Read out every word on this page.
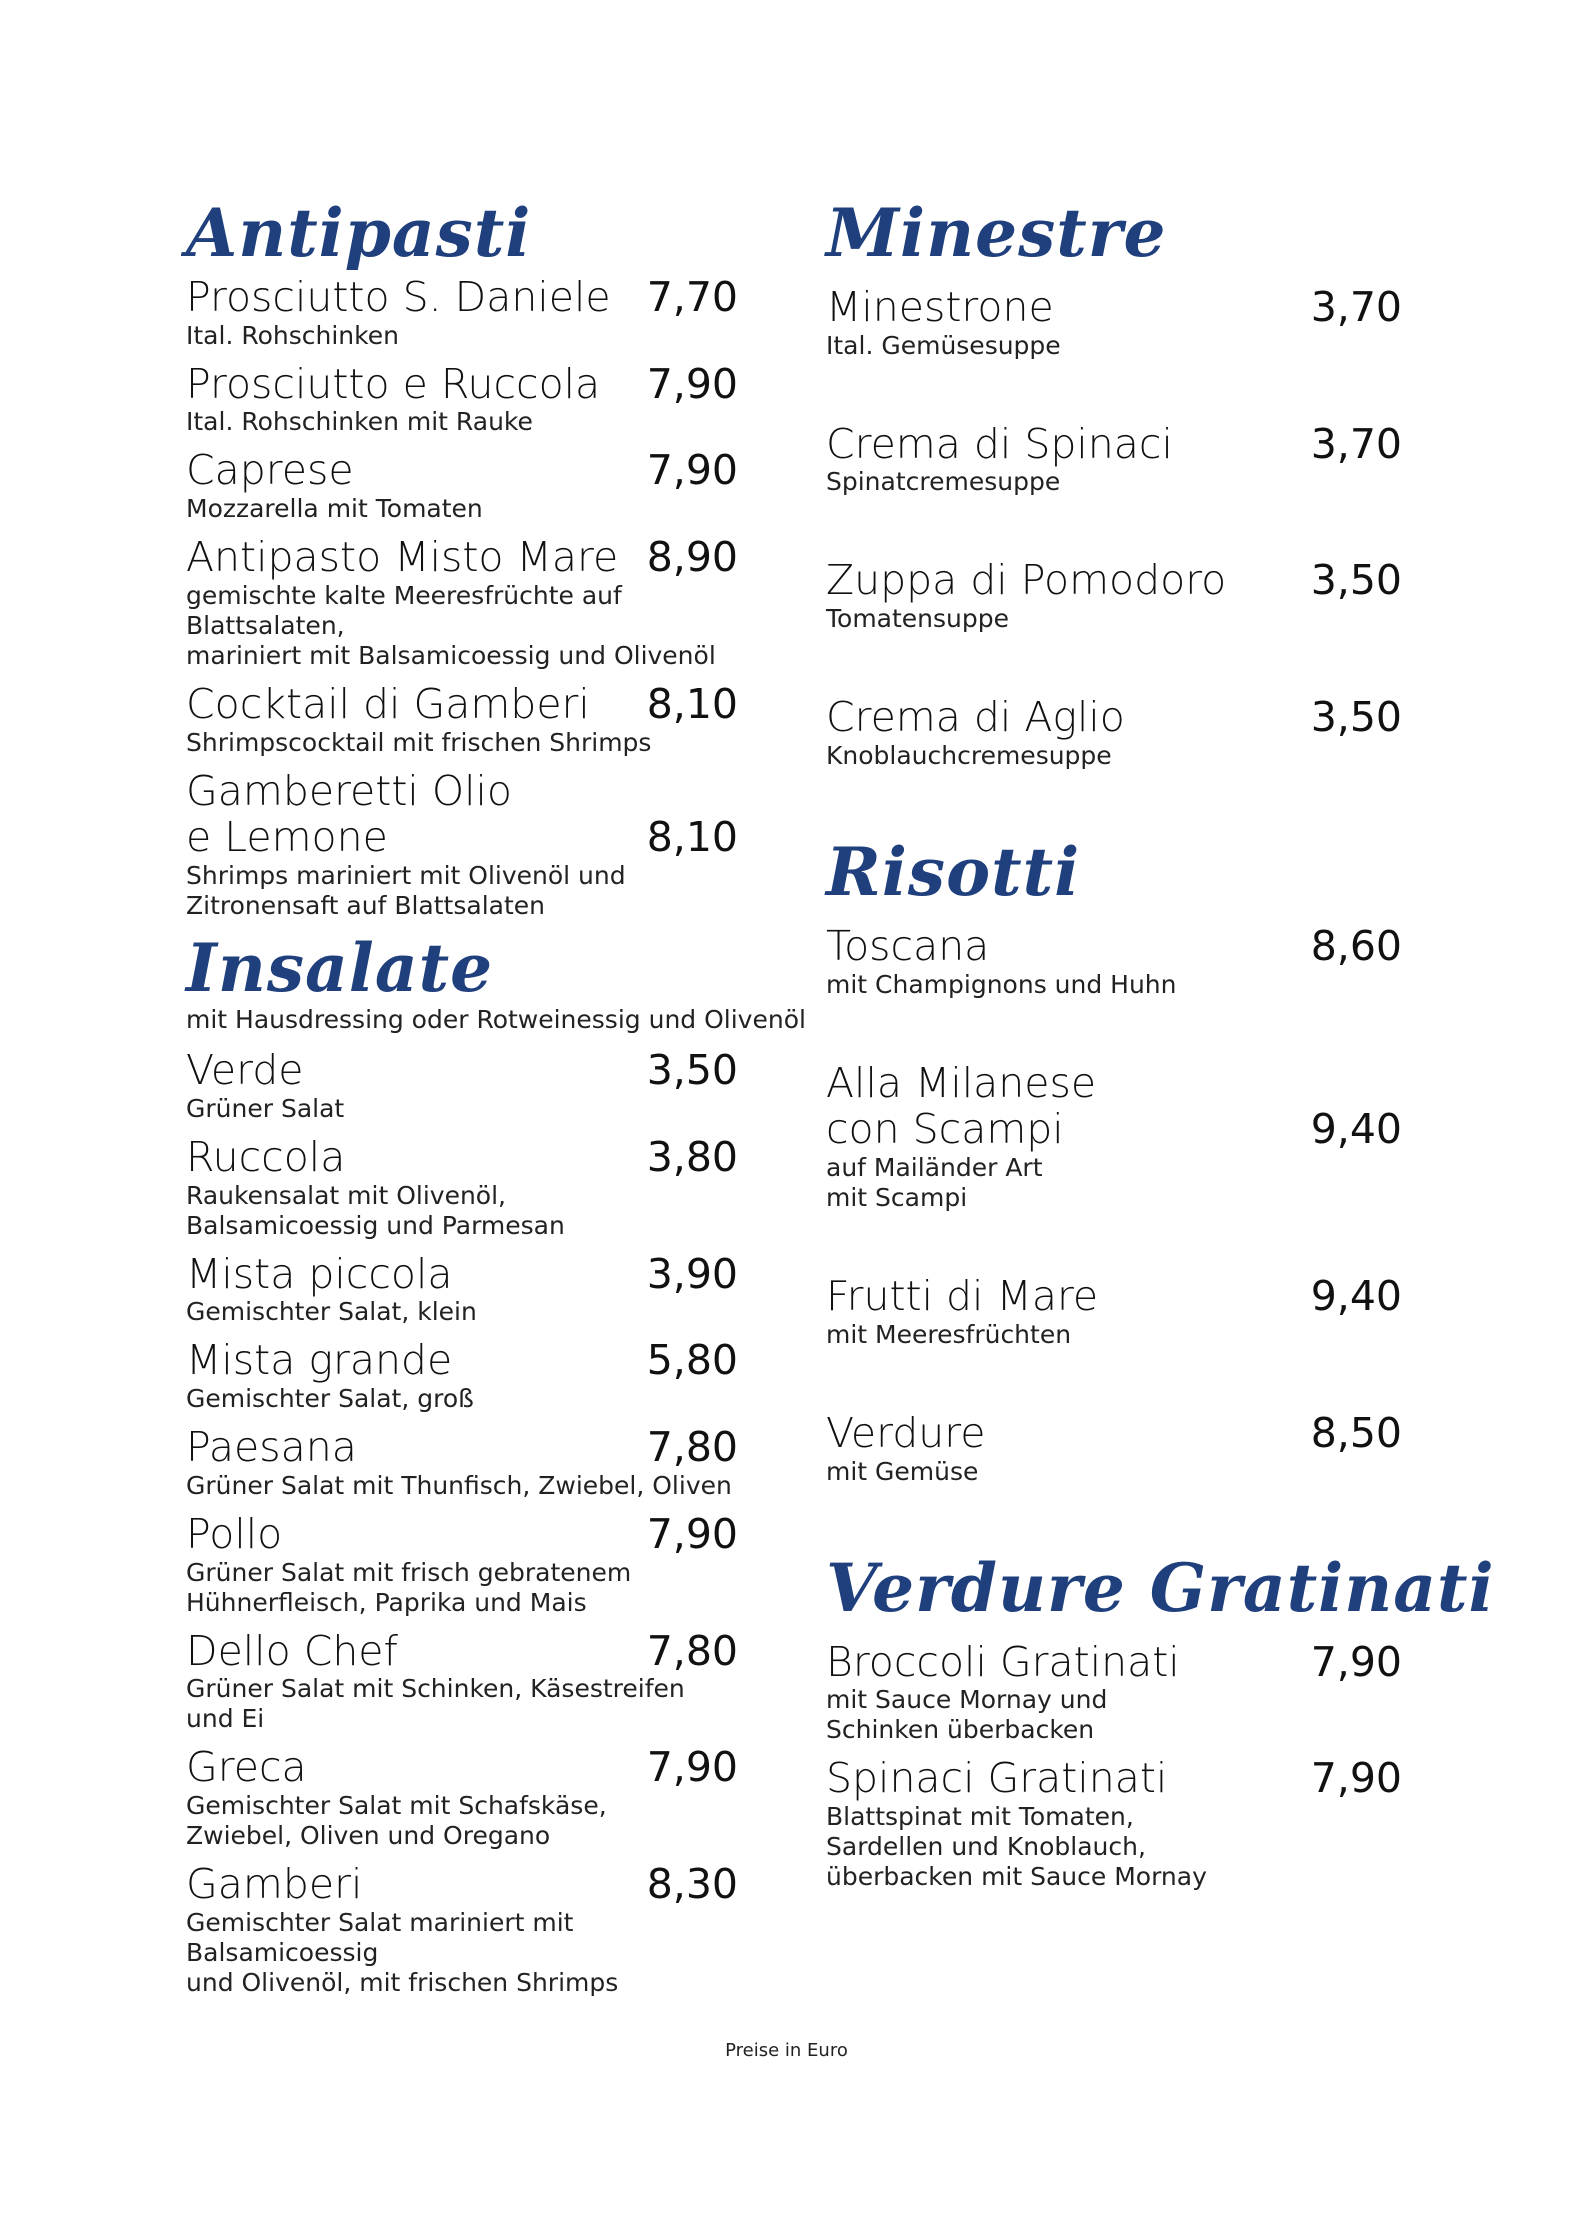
Antipasti
7,70
Prosciutto S. Daniele
Ital. Rohschinken
7,90
Prosciutto e Ruccola
Ital. Rohschinken mit Rauke
7,90
Caprese
Mozzarella mit Tomaten
8,90
Antipasto Misto Mare
gemischte kalte Meeresfrüchte auf Blattsalaten,
mariniert mit Balsamicoessig und Olivenöl
8,10
Cocktail di Gamberi
Shrimpscocktail mit frischen Shrimps
8,10
Gamberetti Olio
e Lemone
Shrimps mariniert mit Olivenöl und
Zitronensaft auf Blattsalaten
Insalate
mit Hausdressing oder Rotweinessig und Olivenöl
3,50
Verde
Grüner Salat
3,80
Ruccola
Raukensalat mit Olivenöl,
Balsamicoessig und Parmesan
3,90
Mista piccola
Gemischter Salat, klein
5,80
Mista grande
Gemischter Salat, groß
7,80
Paesana
Grüner Salat mit Thunfisch, Zwiebel, Oliven
7,90
Pollo
Grüner Salat mit frisch gebratenem
Hühnerfleisch, Paprika und Mais
7,80
Dello Chef
Grüner Salat mit Schinken, Käsestreifen und Ei
7,90
Greca
Gemischter Salat mit Schafskäse,
Zwiebel, Oliven und Oregano
8,30
Gamberi
Gemischter Salat mariniert mit Balsamicoessig
und Olivenöl, mit frischen Shrimps
Minestre
3,70
Minestrone
Ital. Gemüsesuppe
3,70
Crema di Spinaci
Spinatcremesuppe
3,50
Zuppa di Pomodoro
Tomatensuppe
3,50
Crema di Aglio
Knoblauchcremesuppe
Risotti
8,60
Toscana
mit Champignons und Huhn
9,40
Alla Milanese
con Scampi
auf Mailänder Art
mit Scampi
9,40
Frutti di Mare
mit Meeresfrüchten
8,50
Verdure
mit Gemüse
Verdure Gratinati
7,90
Broccoli Gratinati
mit Sauce Mornay und
Schinken überbacken
7,90
Spinaci Gratinati
Blattspinat mit Tomaten,
Sardellen und Knoblauch,
überbacken mit Sauce Mornay
Preise in Euro
